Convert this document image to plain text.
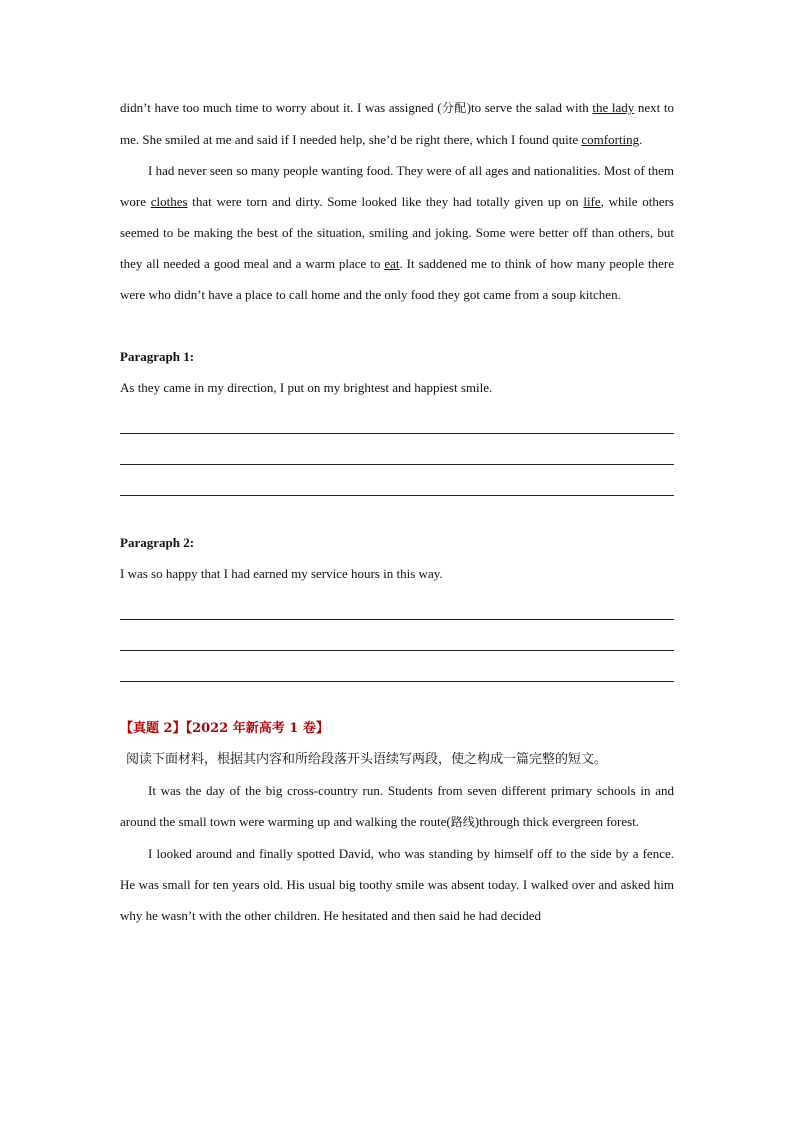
didn’t have too much time to worry about it. I was assigned (分配)to serve the salad with the lady next to me. She smiled at me and said if I needed help, she’d be right there, which I found quite comforting.

I had never seen so many people wanting food. They were of all ages and nationalities. Most of them wore clothes that were torn and dirty. Some looked like they had totally given up on life, while others seemed to be making the best of the situation, smiling and joking. Some were better off than others, but they all needed a good meal and a warm place to eat. It saddened me to think of how many people there were who didn’t have a place to call home and the only food they got came from a soup kitchen.

Paragraph 1:

As they came in my direction, I put on my brightest and happiest smile.

Paragraph 2:

I was so happy that I had earned my service hours in this way.

【真题 2】【2022 年新高考 1 卷】

阅读下面材料，根据其内容和所给段落开头语续写两段，使之构成一篇完整的短文。

It was the day of the big cross-country run. Students from seven different primary schools in and around the small town were warming up and walking the route(路线)through thick evergreen forest.

I looked around and finally spotted David, who was standing by himself off to the side by a fence. He was small for ten years old. His usual big toothy smile was absent today. I walked over and asked him why he wasn’t with the other children. He hesitated and then said he had decided
